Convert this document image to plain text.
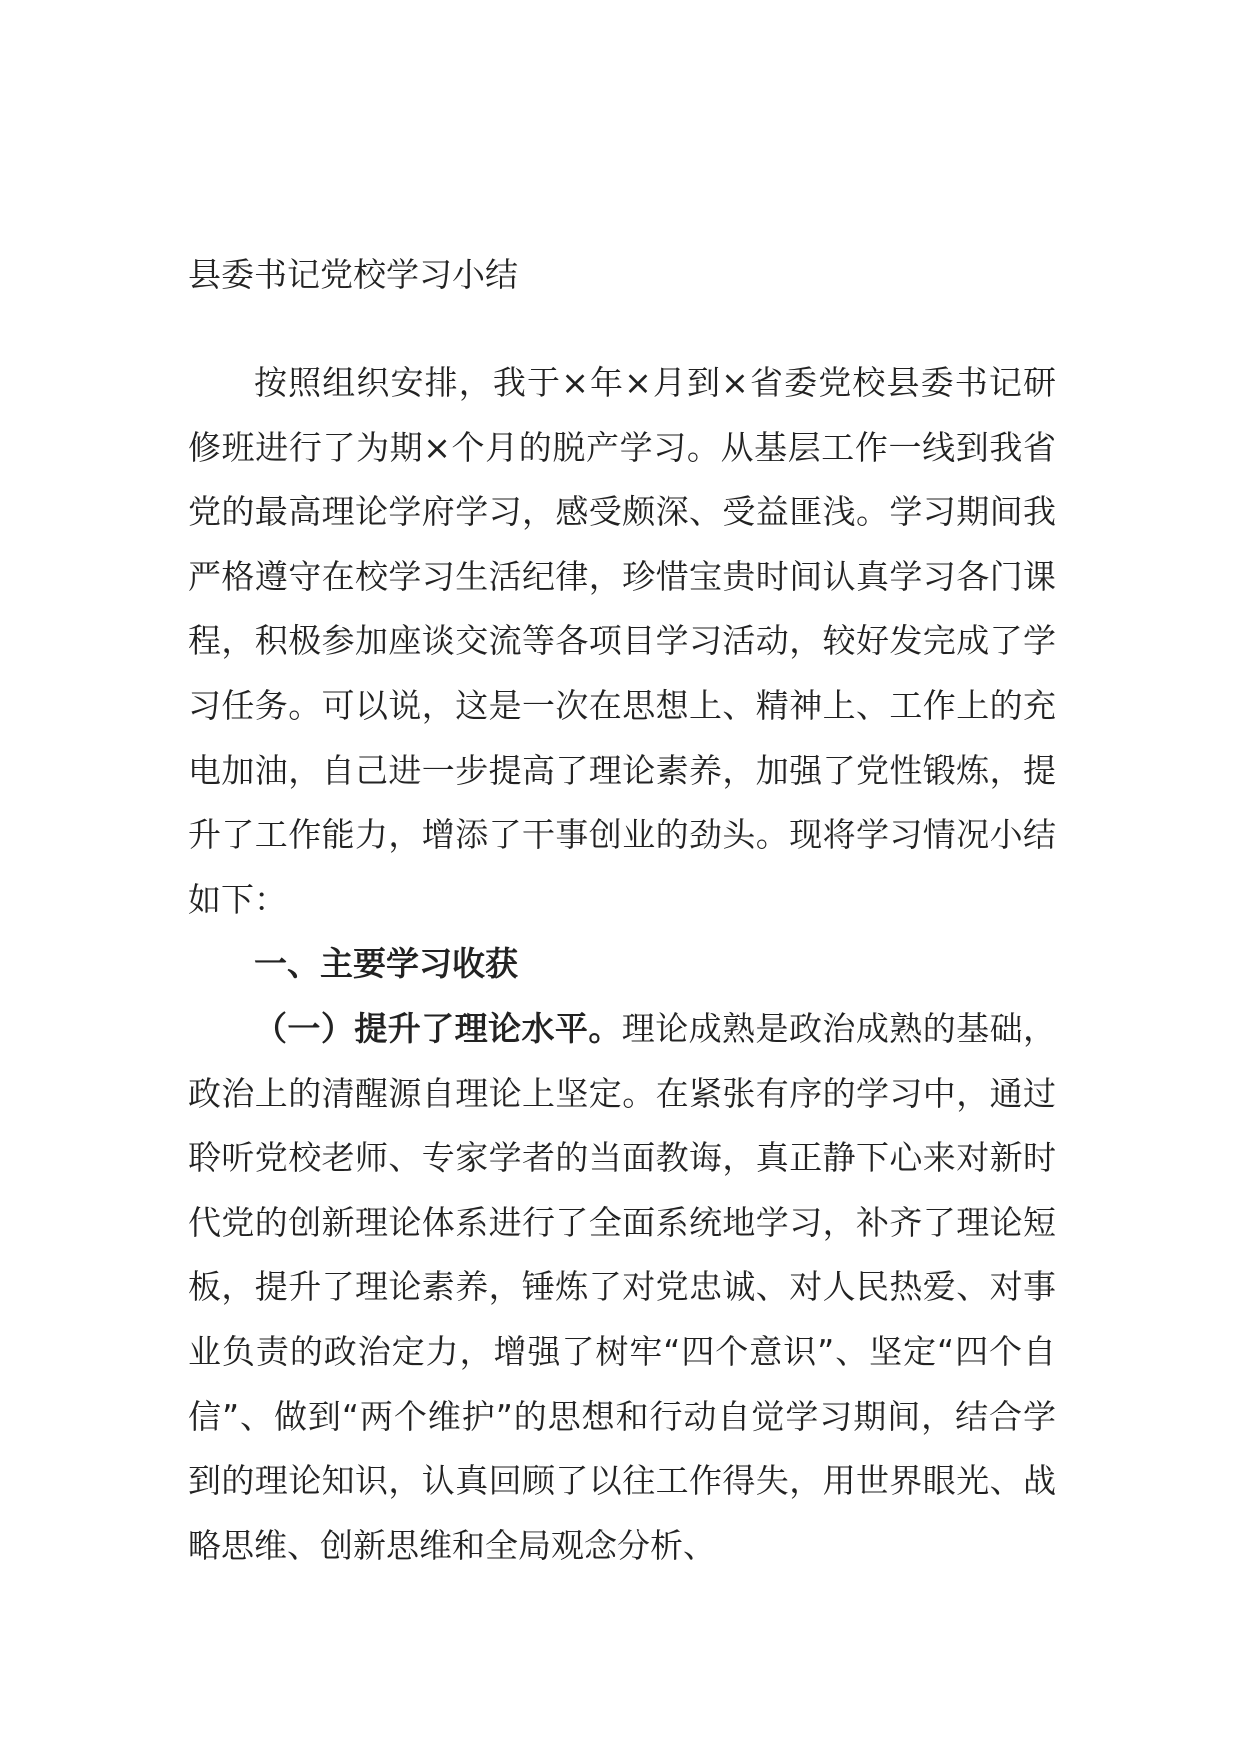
县委书记党校学习小结

按照组织安排，我于×年×月到×省委党校县委书记研修班进行了为期×个月的脱产学习。从基层工作一线到我省党的最高理论学府学习，感受颇深、受益匪浅。学习期间我严格遵守在校学习生活纪律，珍惜宝贵时间认真学习各门课程，积极参加座谈交流等各项目学习活动，较好发完成了学习任务。可以说，这是一次在思想上、精神上、工作上的充电加油，自己进一步提高了理论素养，加强了党性锻炼，提升了工作能力，增添了干事创业的劲头。现将学习情况小结如下：

一、主要学习收获

（一）提升了理论水平。理论成熟是政治成熟的基础，政治上的清醒源自理论上坚定。在紧张有序的学习中，通过聆听党校老师、专家学者的当面教诲，真正静下心来对新时代党的创新理论体系进行了全面系统地学习，补齐了理论短板，提升了理论素养，锤炼了对党忠诚、对人民热爱、对事业负责的政治定力，增强了树牢“四个意识”、坚定“四个自信”、做到“两个维护”的思想和行动自觉学习期间，结合学到的理论知识，认真回顾了以往工作得失，用世界眼光、战略思维、创新思维和全局观念分析、
